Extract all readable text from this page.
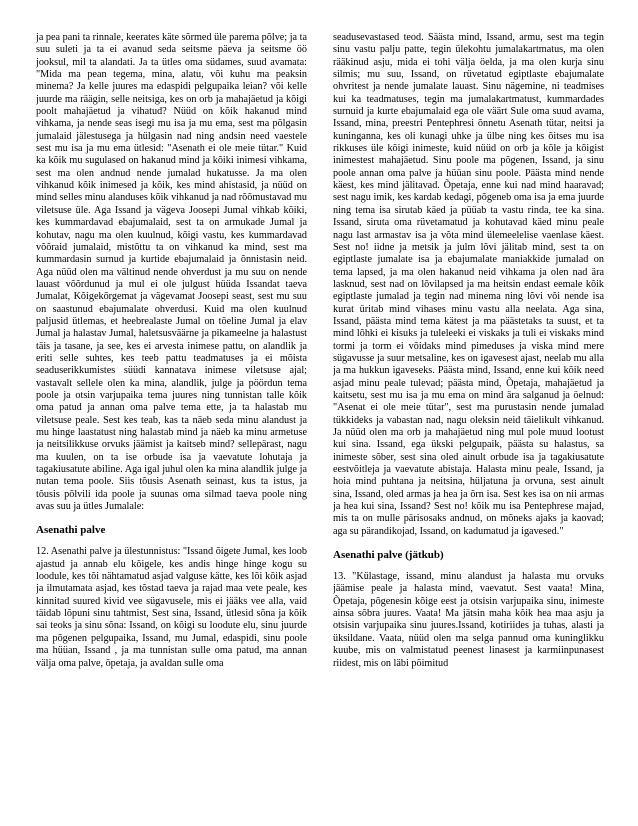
ja pea pani ta rinnale, keerates käte sõrmed üle parema põlve; ja ta suu suleti ja ta ei avanud seda seitsme päeva ja seitsme öö jooksul, mil ta alandati. Ja ta ütles oma südames, suud avamata: "Mida ma pean tegema, mina, alatu, või kuhu ma peaksin minema? Ja kelle juures ma edaspidi pelgupaika leian? või kelle juurde ma räägin, selle neitsiga, kes on orb ja mahajäetud ja kõigi poolt mahajäetud ja vihatud? Nüüd on kõik hakanud mind vihkama, ja nende seas isegi mu isa ja mu ema, sest ma põlgasin jumalaid jälestusega ja hülgasin nad ning andsin need vaestele sest mu isa ja mu ema ütlesid: "Asenath ei ole meie tütar." Kuid ka kõik mu sugulased on hakanud mind ja kõiki inimesi vihkama, sest ma olen andnud nende jumalad hukatusse. Ja ma olen vihkanud kõik inimesed ja kõik, kes mind ahistasid, ja nüüd on mind selles minu alanduses kõik vihkanud ja nad rõõmustavad mu viletsuse üle. Aga Issand ja vägeva Joosepi Jumal vihkab kõiki, kes kummardavad ebajumalaid, sest ta on armukade Jumal ja kohutav, nagu ma olen kuulnud, kõigi vastu, kes kummardavad võõraid jumalaid, mistõttu ta on vihkanud ka mind, sest ma kummardasin surnud ja kurtide ebajumalaid ja õnnistasin neid. Aga nüüd olen ma vältinud nende ohverdust ja mu suu on nende lauast võõrdunud ja mul ei ole julgust hüüda Issandat taeva Jumalat, Kõigekõrgemat ja vägevamat Joosepi seast, sest mu suu on saastunud ebajumalate ohverdusi. Kuid ma olen kuulnud paljusid ütlemas, et heebrealaste Jumal on tõeline Jumal ja elav Jumal ja halastav Jumal, haletsusväärne ja pikameelne ja halastust täis ja tasane, ja see, kes ei arvesta inimese pattu, on alandlik ja eriti selle suhtes, kes teeb pattu teadmatuses ja ei mõista seaduserikkumistes süüdi kannatava inimese viletsuse ajal; vastavalt sellele olen ka mina, alandlik, julge ja pöördun tema poole ja otsin varjupaika tema juures ning tunnistan talle kõik oma patud ja annan oma palve tema ette, ja ta halastab mu viletsuse peale. Sest kes teab, kas ta näeb seda minu alandust ja mu hinge laastatust ning halastab mind ja näeb ka minu armetuse ja neitsilikkuse orvuks jäämist ja kaitseb mind? sellepärast, nagu ma kuulen, on ta ise orbude isa ja vaevatute lohutaja ja tagakiusatute abiline. Aga igal juhul olen ka mina alandlik julge ja nutan tema poole. Siis tõusis Asenath seinast, kus ta istus, ja tõusis põlvili ida poole ja suunas oma silmad taeva poole ning avas suu ja ütles Jumalale:

Asenathi palve

12. Asenathi palve ja ülestunnistus: "Issand õigete Jumal, kes loob ajastud ja annab elu kõigele, kes andis hinge hinge kogu su loodule, kes tõi nähtamatud asjad valguse kätte, kes lõi kõik asjad ja ilmutamata asjad, kes tõstad taeva ja rajad maa vete peale, kes kinnitad suured kivid vee sügavusele, mis ei jääks vee alla, vaid täidab lõpuni sinu tahtmist, Sest sina, Issand, ütlesid sõna ja kõik sai teoks ja sinu sõna: Issand, on kõigi su loodute elu, sinu juurde ma põgenen pelgupaika, Issand, mu Jumal, edaspidi, sinu poole ma hüüan, Issand , ja ma tunnistan sulle oma patud, ma annan välja oma palve, õpetaja, ja avaldan sulle oma

seadusevastased teod. Säästa mind, Issand, armu, sest ma tegin sinu vastu palju patte, tegin ülekohtu jumalakartmatus, ma olen rääkinud asju, mida ei tohi välja öelda, ja ma olen kurja sinu silmis; mu suu, Issand, on rüvetatud egiptlaste ebajumalate ohvritest ja nende jumalate lauast. Sinu nägemine, ni teadmises kui ka teadmatuses, tegin ma jumalakartmatust, kummardades surnuid ja kurte ebajumalaid ega ole väärt Sule oma suud avama, Issand, mina, preestri Pentephresi õnnetu Asenath tütar, neitsi ja kuninganna, kes oli kunagi uhke ja ülbe ning kes õitses mu isa rikkuses üle kõigi inimeste, kuid nüüd on orb ja kõle ja kõigist inimestest mahajäetud. Sinu poole ma põgenen, Issand, ja sinu poole annan oma palve ja hüüan sinu poole. Päästa mind nende käest, kes mind jälitavad. Õpetaja, enne kui nad mind haaravad; sest nagu imik, kes kardab kedagi, põgeneb oma isa ja ema juurde ning tema isa sirutab käed ja püüab ta vastu rinda, tee ka sina. Issand, siruta oma rüvetamatud ja kohutavad käed minu peale nagu last armastav isa ja võta mind ülemeelelise vaenlase käest. Sest no! iidne ja metsik ja julm lõvi jälitab mind, sest ta on egiptlaste jumalate isa ja ebajumalate maniakkide jumalad on tema lapsed, ja ma olen hakanud neid vihkama ja olen nad ära lasknud, sest nad on lõvilapsed ja ma heitsin endast eemale kõik egiptlaste jumalad ja tegin nad minema ning lõvi või nende isa kurat üritab mind vihases minu vastu alla neelata. Aga sina, Issand, päästa mind tema kätest ja ma päästetaks ta suust, et ta mind lõhki ei kisuks ja tuleleeki ei viskaks ja tuli ei viskaks mind tormi ja torm ei võidaks mind pimeduses ja viska mind mere sügavusse ja suur metsaline, kes on igavesest ajast, neelab mu alla ja ma hukkun igaveseks. Päästa mind, Issand, enne kui kõik need asjad minu peale tulevad; päästa mind, Õpetaja, mahajäetud ja kaitsetu, sest mu isa ja mu ema on mind ära salganud ja öelnud: "Asenat ei ole meie tütar", sest ma purustasin nende jumalad tükkideks ja vabastan nad, nagu oleksin neid täielikult vihkanud. Ja nüüd olen ma orb ja mahajäetud ning mul pole muud lootust kui sina. Issand, ega ükski pelgupaik, päästa su halastus, sa inimeste sõber, sest sina oled ainult orbude isa ja tagakiusatute eestvõitleja ja vaevatute abistaja. Halasta minu peale, Issand, ja hoia mind puhtana ja neitsina, hüljatuna ja orvuna, sest ainult sina, Issand, oled armas ja hea ja õrn isa. Sest kes isa on nii armas ja hea kui sina, Issand? Sest no! kõik mu isa Pentephrese majad, mis ta on mulle pärisosaks andnud, on mõneks ajaks ja kaovad; aga su pärandikojad, Issand, on kadumatud ja igavesed."

Asenathi palve (jätkub)

13. "Külastage, issand, minu alandust ja halasta mu orvuks jäämise peale ja halasta mind, vaevatut. Sest vaata! Mina, Õpetaja, põgenesin kõige eest ja otsisin varjupaika sinu, inimeste ainsa sõbra juures. Vaata! Ma jätsin maha kõik hea maa asju ja otsisin varjupaika sinu juures.Issand, kotiriides ja tuhas, alasti ja üksildane. Vaata, nüüd olen ma selga pannud oma kuninglikku kuube, mis on valmistatud peenest linasest ja karmiinpunasest riidest, mis on läbi põimitud
